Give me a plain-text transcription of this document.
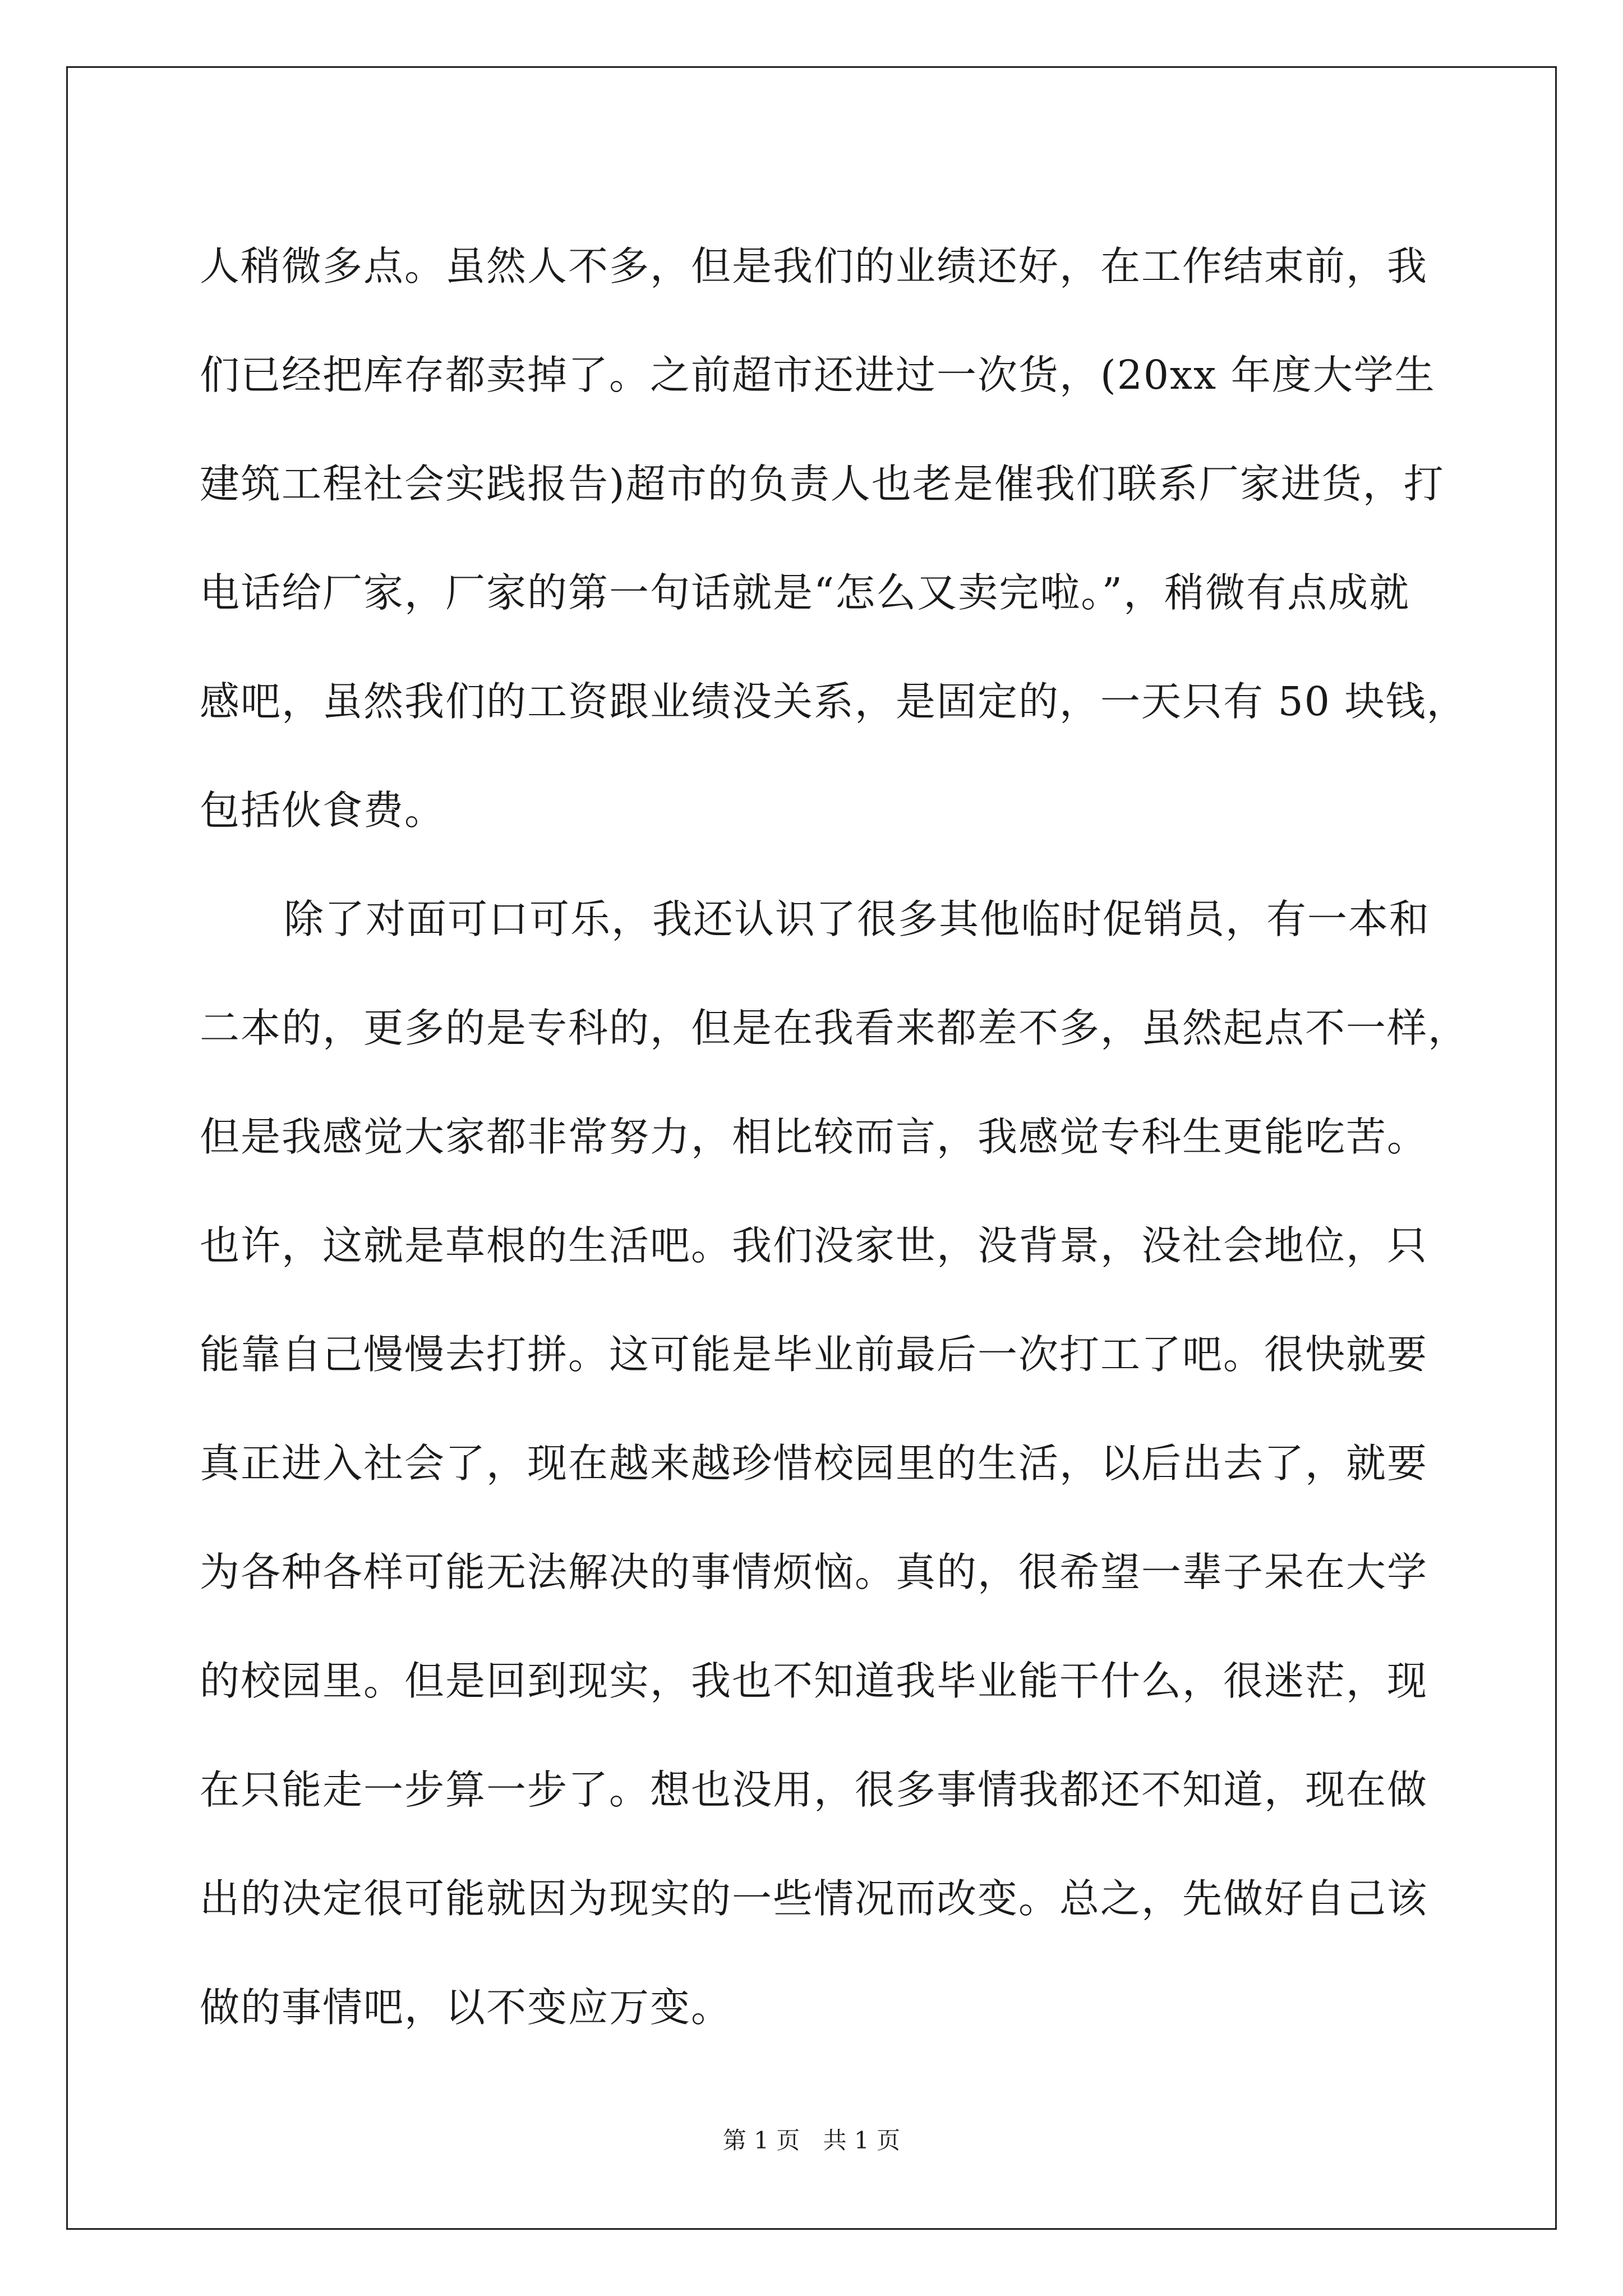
人稍微多点。虽然人不多，但是我们的业绩还好，在工作结束前，我
们已经把库存都卖掉了。之前超市还进过一次货，(20xx 年度大学生
建筑工程社会实践报告)超市的负责人也老是催我们联系厂家进货，打
电话给厂家，厂家的第一句话就是“怎么又卖完啦。”，稍微有点成就
感吧，虽然我们的工资跟业绩没关系，是固定的，一天只有 50 块钱，
包括伙食费。

除了对面可口可乐，我还认识了很多其他临时促销员，有一本和
二本的，更多的是专科的，但是在我看来都差不多，虽然起点不一样，
但是我感觉大家都非常努力，相比较而言，我感觉专科生更能吃苦。
也许，这就是草根的生活吧。我们没家世，没背景，没社会地位，只
能靠自己慢慢去打拼。这可能是毕业前最后一次打工了吧。很快就要
真正进入社会了，现在越来越珍惜校园里的生活，以后出去了，就要
为各种各样可能无法解决的事情烦恼。真的，很希望一辈子呆在大学
的校园里。但是回到现实，我也不知道我毕业能干什么，很迷茫，现
在只能走一步算一步了。想也没用，很多事情我都还不知道，现在做
出的决定很可能就因为现实的一些情况而改变。总之，先做好自己该
做的事情吧，以不变应万变。

第 1 页 共 1 页
